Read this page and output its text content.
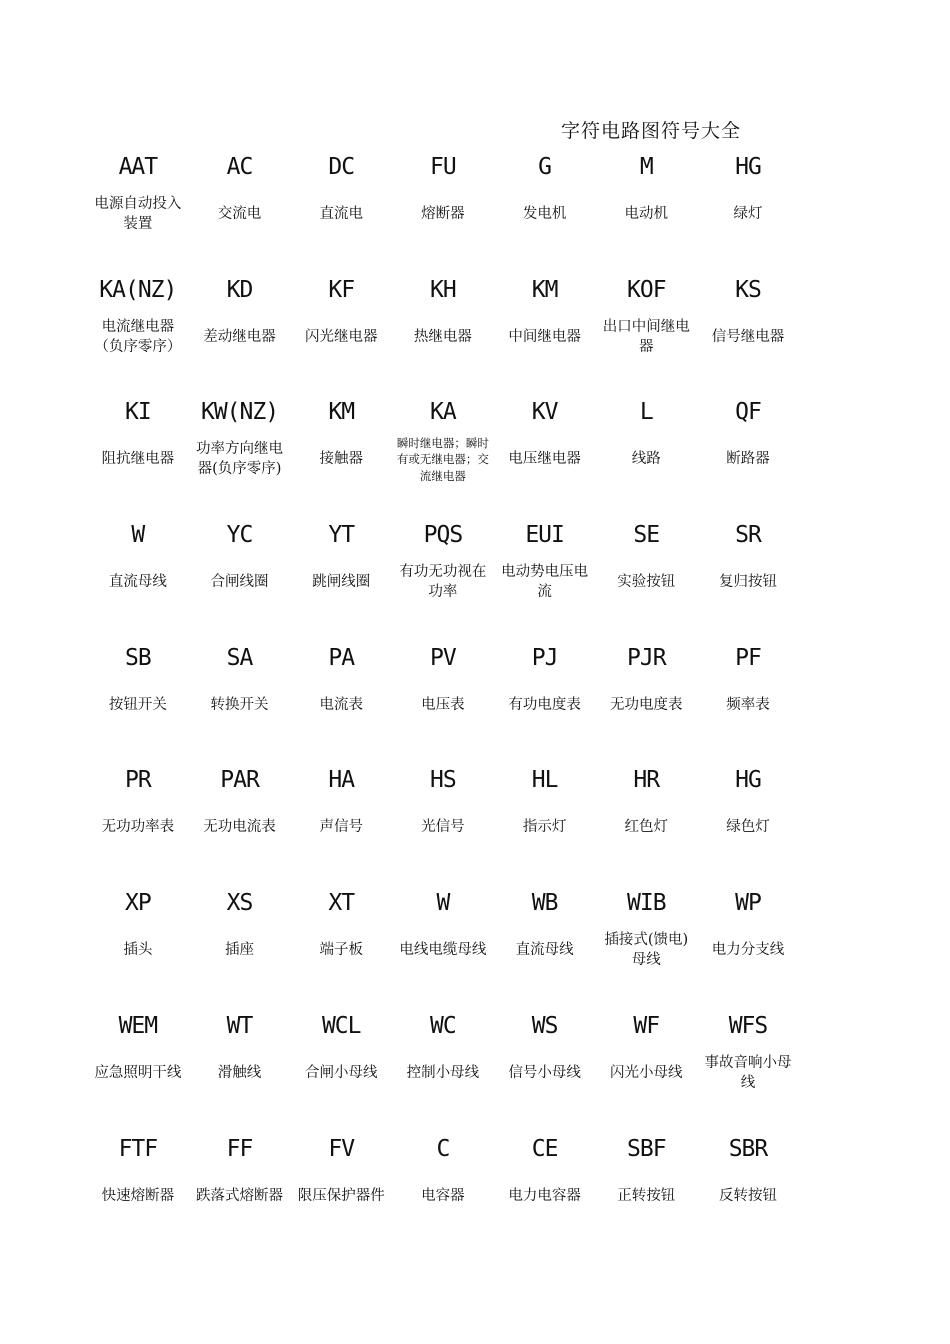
字符电路图符号大全
AAT
电源自动投入装置
AC
交流电
DC
直流电
FU
熔断器
G
发电机
M
电动机
HG
绿灯
KA(NZ)
电流继电器（负序零序）
KD
差动继电器
KF
闪光继电器
KH
热继电器
KM
中间继电器
KOF
出口中间继电器
KS
信号继电器
KI
阻抗继电器
KW(NZ)
功率方向继电器(负序零序)
KM
接触器
KA
瞬时继电器；瞬时有或无继电器；交流继电器
KV
电压继电器
L
线路
QF
断路器
W
直流母线
YC
合闸线圈
YT
跳闸线圈
PQS
有功无功视在功率
EUI
电动势电压电流
SE
实验按钮
SR
复归按钮
SB
按钮开关
SA
转换开关
PA
电流表
PV
电压表
PJ
有功电度表
PJR
无功电度表
PF
频率表
PR
无功功率表
PAR
无功电流表
HA
声信号
HS
光信号
HL
指示灯
HR
红色灯
HG
绿色灯
XP
插头
XS
插座
XT
端子板
W
电线电缆母线
WB
直流母线
WIB
插接式(馈电)母线
WP
电力分支线
WEM
应急照明干线
WT
滑触线
WCL
合闸小母线
WC
控制小母线
WS
信号小母线
WF
闪光小母线
WFS
事故音响小母线
FTF
快速熔断器
FF
跌落式熔断器
FV
限压保护器件
C
电容器
CE
电力电容器
SBF
正转按钮
SBR
反转按钮
